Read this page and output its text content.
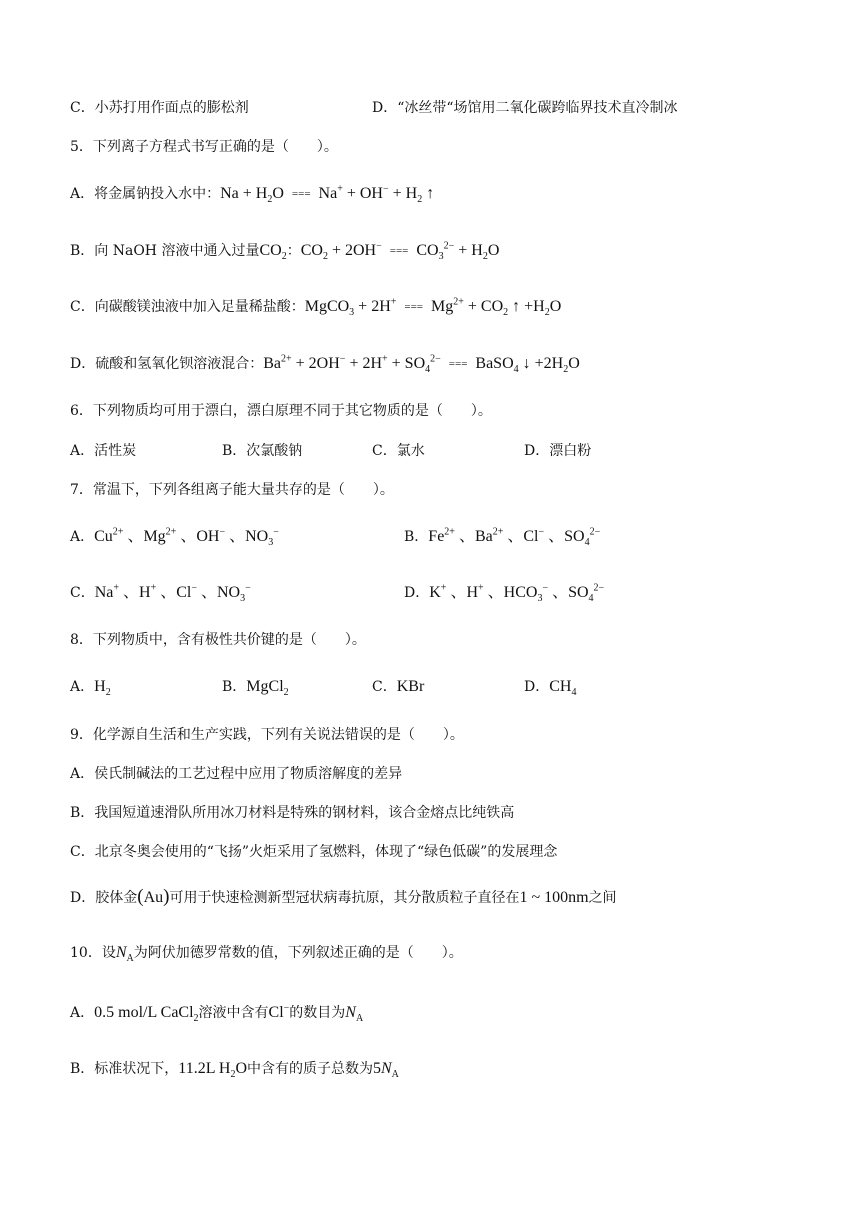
C．小苏打用作面点的膨松剂	D．“冰丝带“场馆用二氧化碳跨临界技术直冷制冰
5．下列离子方程式书写正确的是（　　）。
A．将金属钠投入水中：$Na + H_2O$ === $Na^+ + OH^- + H_2$ ↑
B．向 NaOH 溶液中通入过量$CO_2$：$CO_2 + 2OH^-$ === $CO_3^{2-} + H_2O$
C．向碳酸镁浊液中加入足量稀盐酸：MgCO$_3$ + 2H+ === $Mg^{2+} + CO_2$ ↑ $+H_2O$
D．硫酸和氢氧化钡溶液混合：$Ba^{2+} + 2OH^- + 2H^+ + SO_4^{2-}$ === BaSO$_4$ ↓ $+2H_2O$
6．下列物质均可用于漂白，漂白原理不同于其它物质的是（　　）。
A．活性炭	B．次氯酸钠	C．氯水	D．漂白粉
7．常温下，下列各组离子能大量共存的是（　　）。
A．$Cu^{2+}$ 、$Mg^{2+}$ 、OH− 、$NO_3^-$	B．$Fe^{2+}$ 、$Ba^{2+}$ 、Cl− 、$SO_4^{2-}$
C．Na+ 、H+ 、Cl− 、$NO_3^-$	D．K+ 、H+ 、$HCO_3^-$ 、$SO_4^{2-}$
8．下列物质中，含有极性共价键的是（　　）。
A．$H_2$	B．MgCl$_2$	C．KBr	D．$CH_4$
9．化学源自生活和生产实践，下列有关说法错误的是（　　）。
A．侯氏制碱法的工艺过程中应用了物质溶解度的差异
B．我国短道速滑队所用冰刀材料是特殊的钢材料，该合金熔点比纯铁高
C．北京冬奥会使用的“飞扬”火炬采用了氢燃料，体现了“绿色低碳”的发展理念
D．胶体金(Au)可用于快速检测新型冠状病毒抗原，其分散质粒子直径在1 ~ 100nm之间
10．设$N_A$为阿伏加德罗常数的值，下列叙述正确的是（　　）。
A．0.5 mol/L CaCl$_2$溶液中含有Cl−的数目为$N_A$
B．标准状况下，11.2L $H_2O$中含有的质子总数为$5N_A$
